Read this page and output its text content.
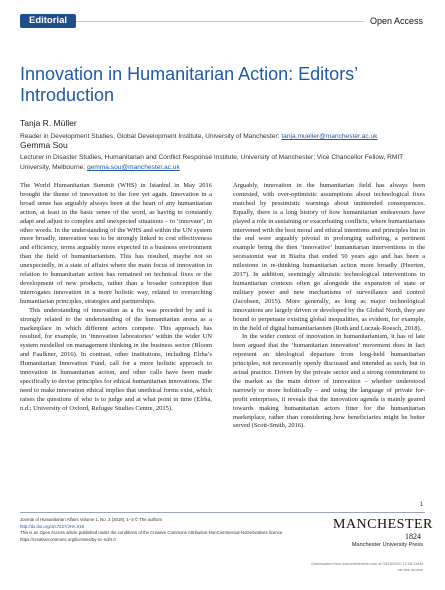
Editorial	Open Access
Innovation in Humanitarian Action: Editors’ Introduction
Tanja R. Müller
Reader in Development Studies, Global Development Institute, University of Manchester; tanja.mueller@manchester.ac.uk
Gemma Sou
Lecturer in Disaster Studies, Humanitarian and Conflict Response Institute, University of Manchester; Vice Chancellor Fellow, RMIT University, Melbourne; gemma.sou@manchester.ac.uk

The World Humanitarian Summit (WHS) in Istanbul in May 2016 brought the theme of innovation to the fore yet again. Innovation in a broad sense has arguably always been at the heart of any humanitarian action, at least in the basic sense of the word, as having to constantly adapt and adjust to complex and unexpected situations – to ‘innovate’, in other words. In the understanding of the WHS and within the UN system more broadly, innovation was to be strongly linked to cost effectiveness and efficiency, terms arguably more expected in a business environment than the field of humanitarianism. This has resulted, maybe not so unexpectedly, in a state of affairs where the main focus of innovation in relation to humanitarian action has remained on technical fixes or the development of new products, rather than a broader conception that interrogates innovation in a more holistic way, related to overarching humanitarian principles, strategies and partnerships.

This understanding of innovation as a fix was preceded by and is strongly related to the understanding of the humanitarian arena as a marketplace in which different actors compete. This approach has resulted, for example, in ‘innovation laboratories’ within the wider UN system modelled on management thinking in the business sector (Bloom and Faulkner, 2016). In contrast, other institutions, including Elrha’s Humanitarian Innovation Fund, call for a more holistic approach to innovation in humanitarian action, and other calls have been made specifically to devise principles for ethical humanitarian innovations. The need to make innovation ethical implies that unethical forms exist, which raises the questions of who is to judge and at what point in time (Elrha, n.d.; University of Oxford, Refugee Studies Centre, 2015).

Arguably, innovation in the humanitarian field has always been contested, with over-optimistic assumptions about technological fixes matched by pessimistic warnings about unintended consequences. Equally, there is a long history of how humanitarian endeavours have played a role in sustaining or exacerbating conflicts, where humanitarians intervened with the best moral and ethical intentions and principles but in the end were arguably pivotal in prolonging suffering, a pertinent example being the then ‘innovative’ humanitarian interventions in the secessionist war in Biafra that ended 50 years ago and has been a milestone in re-thinking humanitarian action more broadly (Heerten, 2017). In addition, seemingly altruistic technological interventions in humanitarian contexts often go alongside the expansion of state or military power and new mechanisms of surveillance and control (Jacobsen, 2015). More generally, as long as major technological innovations are largely driven or developed by the Global North, they are bound to perpetuate existing global inequalities, as evident, for example, in the field of digital humanitarianism (Roth and Luczak-Roesch, 2018).

In the wider context of innovation in humanitarianism, it has of late been argued that the ‘humanitarian innovation’ movement does in fact represent an ideological departure from long-held humanitarian principles, not necessarily openly discussed and intended as such, but in actual practice. Driven by the private sector and a strong commitment to the market as the main driver of innovation – whether understood narrowly or more holistically – and using the language of private for-profit enterprises, it reveals that the innovation agenda is mainly geared towards making humanitarian actors fitter for the humanitarian marketplace, rather than considering how beneficiaries might be better served (Scott-Smith, 2016).

1
Journal of Humanitarian Affairs Volume 1, No. 3 (2019), 1–3 © The authors
http://dx.doi.org/10.7227/JHA.019
This is an Open Access article published under the conditions of the Creative Commons Attribution-NonCommercial-NoDerivatives licence
https://creativecommons.org/licenses/by-nc-nd/4.0
MANCHESTER
1824
Manchester University Press
Downloaded from manchesterhive.com at 05/16/2020 12:08:13AM
via free access
